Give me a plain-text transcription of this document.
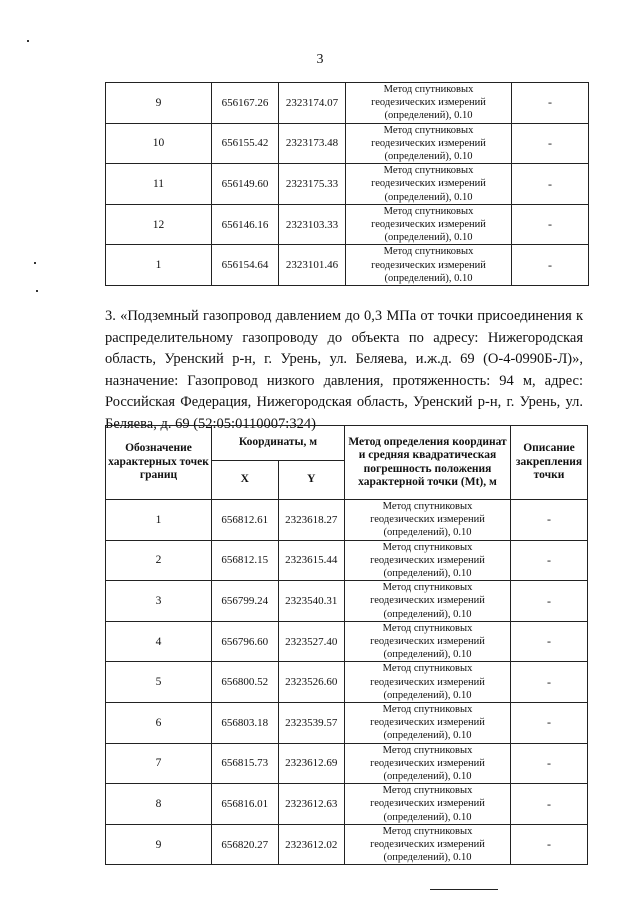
3
9	656167.26	2323174.07	Метод спутниковых
геодезических измерений
(определений), 0.10	-
10	656155.42	2323173.48	Метод спутниковых
геодезических измерений
(определений), 0.10	-
11	656149.60	2323175.33	Метод спутниковых
геодезических измерений
(определений), 0.10	-
12	656146.16	2323103.33	Метод спутниковых
геодезических измерений
(определений), 0.10	-
1	656154.64	2323101.46	Метод спутниковых
геодезических измерений
(определений), 0.10	-
3. «Подземный газопровод давлением до 0,3 МПа от точки присоединения к распределительному газопроводу до объекта по адресу: Нижегородская область, Уренский р-н, г. Урень, ул. Беляева, и.ж.д. 69 (О-4-0990Б-Л)», назначение: Газопровод низкого давления, протяженность: 94 м, адрес: Российская Федерация, Нижегородская область, Уренский р-н, г. Урень, ул. Беляева, д. 69 (52:05:0110007:324)
Обозначение характерных точек границ	Координаты, м		Метод определения координат и средняя квадратическая погрешность положения характерной точки (Мt), м	Описание закрепления точки
	X	Y		
1	656812.61	2323618.27	Метод спутниковых
геодезических измерений
(определений), 0.10	-
2	656812.15	2323615.44	Метод спутниковых
геодезических измерений
(определений), 0.10	-
3	656799.24	2323540.31	Метод спутниковых
геодезических измерений
(определений), 0.10	-
4	656796.60	2323527.40	Метод спутниковых
геодезических измерений
(определений), 0.10	-
5	656800.52	2323526.60	Метод спутниковых
геодезических измерений
(определений), 0.10	-
6	656803.18	2323539.57	Метод спутниковых
геодезических измерений
(определений), 0.10	-
7	656815.73	2323612.69	Метод спутниковых
геодезических измерений
(определений), 0.10	-
8	656816.01	2323612.63	Метод спутниковых
геодезических измерений
(определений), 0.10	-
9	656820.27	2323612.02	Метод спутниковых
геодезических измерений
(определений), 0.10	-
